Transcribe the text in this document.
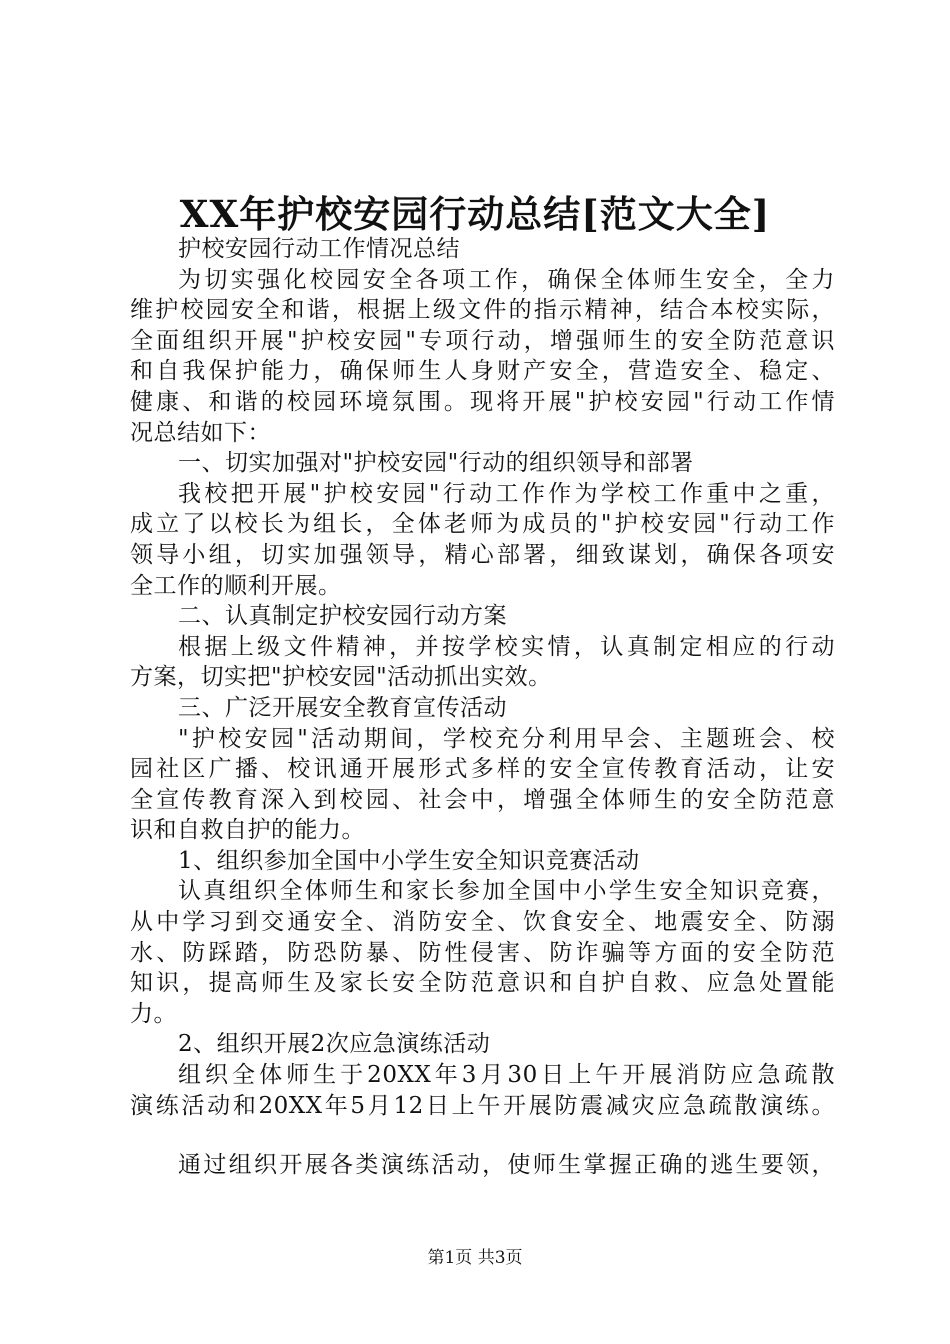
XX年护校安园行动总结[范文大全]
护校安园行动工作情况总结
为切实强化校园安全各项工作，确保全体师生安全，全力
维护校园安全和谐，根据上级文件的指示精神，结合本校实际，
全面组织开展"护校安园"专项行动，增强师生的安全防范意识
和自我保护能力，确保师生人身财产安全，营造安全、稳定、
健康、和谐的校园环境氛围。现将开展"护校安园"行动工作情
况总结如下：
一、切实加强对"护校安园"行动的组织领导和部署
我校把开展"护校安园"行动工作作为学校工作重中之重，
成立了以校长为组长，全体老师为成员的"护校安园"行动工作
领导小组，切实加强领导，精心部署，细致谋划，确保各项安
全工作的顺利开展。
二、认真制定护校安园行动方案
根据上级文件精神，并按学校实情，认真制定相应的行动
方案，切实把"护校安园"活动抓出实效。
三、广泛开展安全教育宣传活动
"护校安园"活动期间，学校充分利用早会、主题班会、校
园社区广播、校讯通开展形式多样的安全宣传教育活动，让安
全宣传教育深入到校园、社会中，增强全体师生的安全防范意
识和自救自护的能力。
1、组织参加全国中小学生安全知识竞赛活动
认真组织全体师生和家长参加全国中小学生安全知识竞赛，
从中学习到交通安全、消防安全、饮食安全、地震安全、防溺
水、防踩踏，防恐防暴、防性侵害、防诈骗等方面的安全防范
知识，提高师生及家长安全防范意识和自护自救、应急处置能
力。
2、组织开展2次应急演练活动
组织全体师生于20XX年3月30日上午开展消防应急疏散
演练活动和20XX年5月12日上午开展防震减灾应急疏散演练。
通过组织开展各类演练活动，使师生掌握正确的逃生要领，
第1页 共3页
